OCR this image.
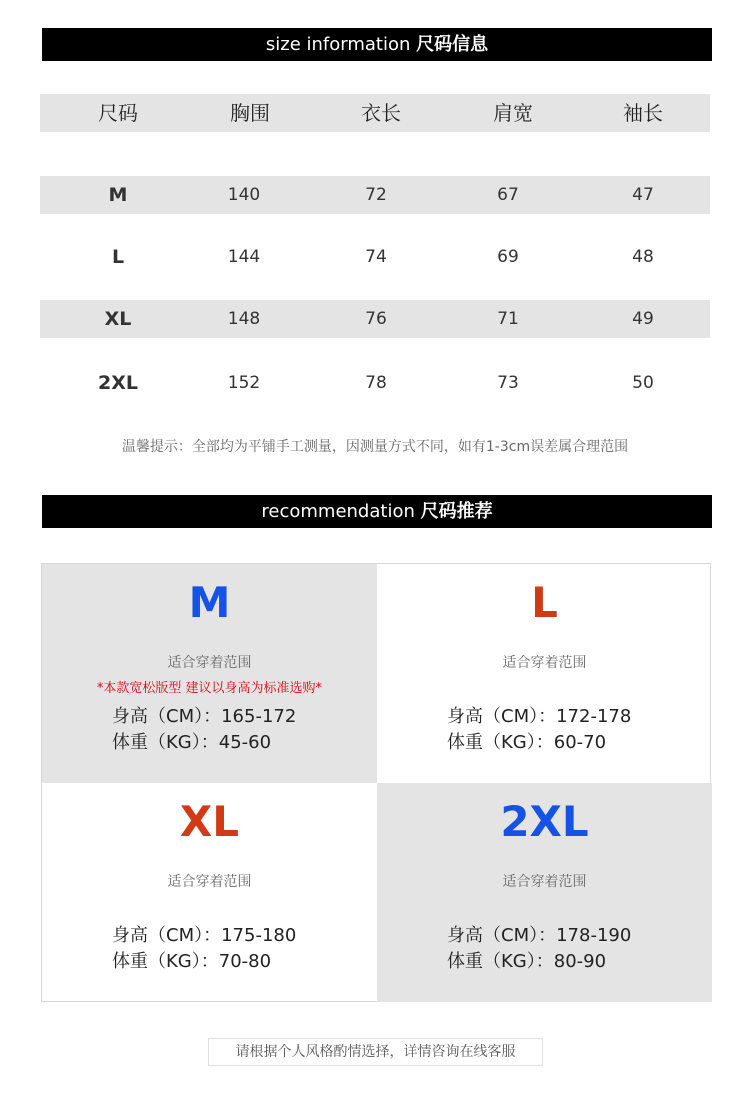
size information 尺码信息
尺码	胸围	衣长	肩宽	袖长
M	140	72	67	47
L	144	74	69	48
XL	148	76	71	49
2XL	152	78	73	50
温馨提示：全部均为平铺手工测量，因测量方式不同，如有1-3cm误差属合理范围
recommendation 尺码推荐
M
适合穿着范围
*本款宽松版型 建议以身高为标准选购*
身高（CM）：165-172
体重（KG）：45-60
L
适合穿着范围
身高（CM）：172-178
体重（KG）：60-70
XL
适合穿着范围
身高（CM）：175-180
体重（KG）：70-80
2XL
适合穿着范围
身高（CM）：178-190
体重（KG）：80-90
请根据个人风格酌情选择，详情咨询在线客服
